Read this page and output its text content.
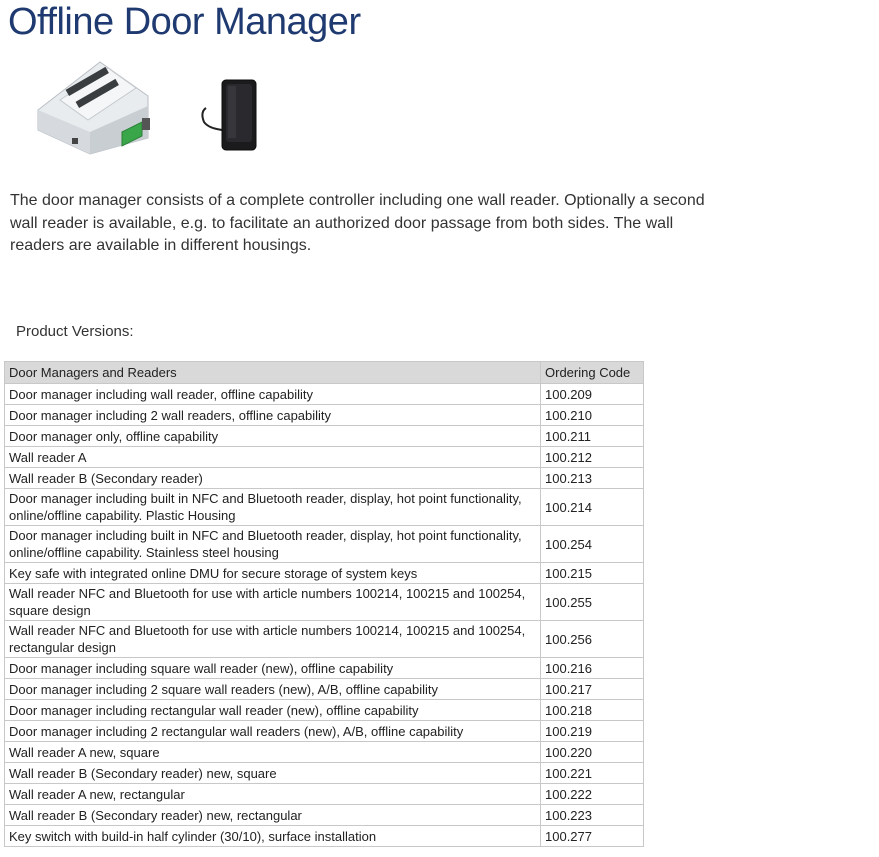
Offline Door Manager

The door manager consists of a complete controller including one wall reader. Optionally a second wall reader is available, e.g. to facilitate an authorized door passage from both sides. The wall readers are available in different housings.

Product Versions:
Door Managers and Readers	Ordering Code
Door manager including wall reader, offline capability	100.209
Door manager including 2 wall readers, offline capability	100.210
Door manager only, offline capability	100.211
Wall reader A	100.212
Wall reader B (Secondary reader)	100.213
Door manager including built in NFC and Bluetooth reader, display, hot point functionality, online/offline capability. Plastic Housing	100.214
Door manager including built in NFC and Bluetooth reader, display, hot point functionality, online/offline capability. Stainless steel housing	100.254
Key safe with integrated online DMU for secure storage of system keys	100.215
Wall reader NFC and Bluetooth for use with article numbers 100214, 100215 and 100254, square design	100.255
Wall reader NFC and Bluetooth for use with article numbers 100214, 100215 and 100254, rectangular design	100.256
Door manager including square wall reader (new), offline capability	100.216
Door manager including 2 square wall readers (new), A/B, offline capability	100.217
Door manager including rectangular wall reader (new), offline capability	100.218
Door manager including 2 rectangular wall readers (new), A/B, offline capability	100.219
Wall reader A new, square	100.220
Wall reader B (Secondary reader) new, square	100.221
Wall reader A new, rectangular	100.222
Wall reader B (Secondary reader) new, rectangular	100.223
Key switch with build-in half cylinder (30/10), surface installation	100.277
